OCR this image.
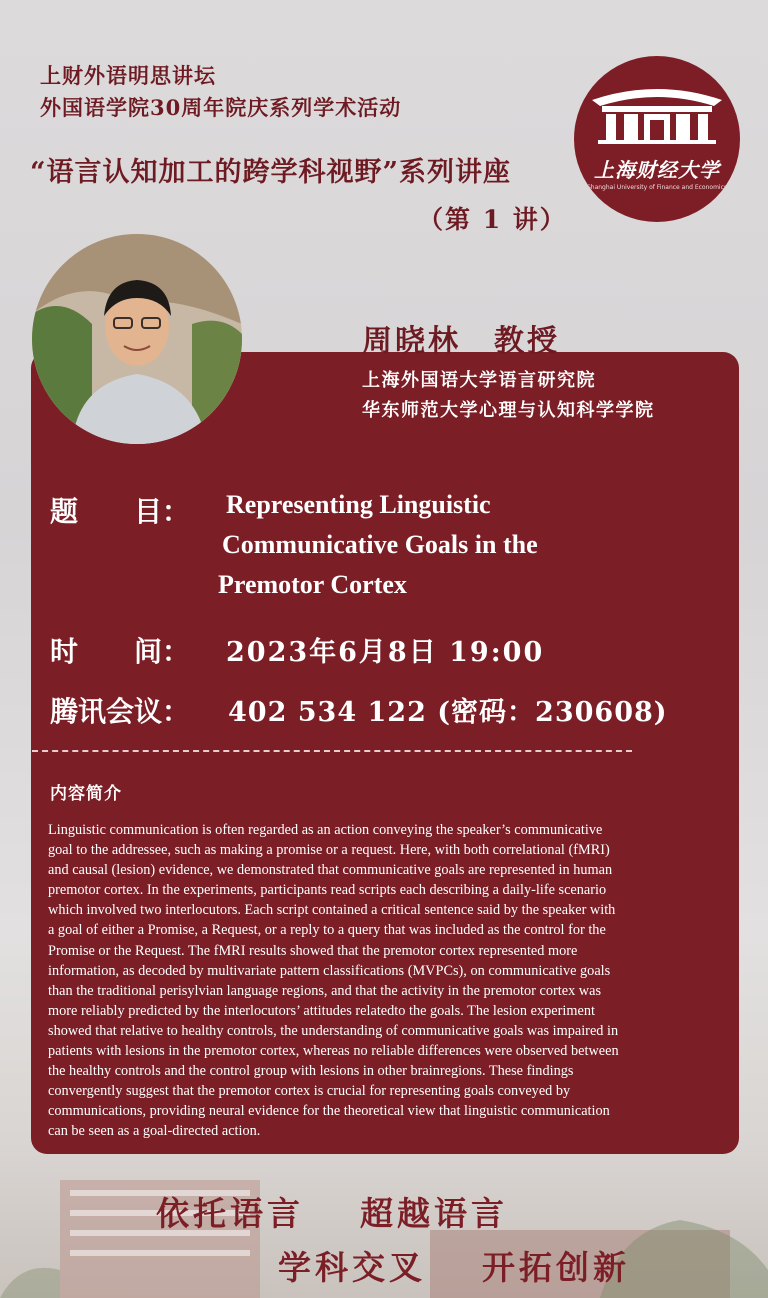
上财外语明思讲坛
外国语学院30周年院庆系列学术活动
“语言认知加工的跨学科视野”系列讲座
（第 1 讲）
上海财经大学
Shanghai University of Finance and Economics
周晓林　教授
上海外国语大学语言研究院
华东师范大学心理与认知科学学院
题　　目： Representing Linguistic
Communicative Goals in the
Premotor Cortex
时　　间： 2023年6月8日 19:00
腾讯会议： 402 534 122 (密码：230608)
内容简介
Linguistic communication is often regarded as an action conveying the speaker’s communicative
goal to the addressee, such as making a promise or a request. Here, with both correlational (fMRI)
and causal (lesion) evidence, we demonstrated that communicative goals are represented in human
premotor cortex. In the experiments, participants read scripts each describing a daily-life scenario
which involved two interlocutors. Each script contained a critical sentence said by the speaker with
a goal of either a Promise, a Request, or a reply to a query that was included as the control for the
Promise or the Request. The fMRI results showed that the premotor cortex represented more
information, as decoded by multivariate pattern classifications (MVPCs), on communicative goals
than the traditional perisylvian language regions, and that the activity in the premotor cortex was
more reliably predicted by the interlocutors’ attitudes relatedto the goals. The lesion experiment
showed that relative to healthy controls, the understanding of communicative goals was impaired in
patients with lesions in the premotor cortex, whereas no reliable differences were observed between
the healthy controls and the control group with lesions in other brainregions. These findings
convergently suggest that the premotor cortex is crucial for representing goals conveyed by
communications, providing neural evidence for the theoretical view that linguistic communication
can be seen as a goal-directed action.
依托语言 超越语言
学科交叉 开拓创新
